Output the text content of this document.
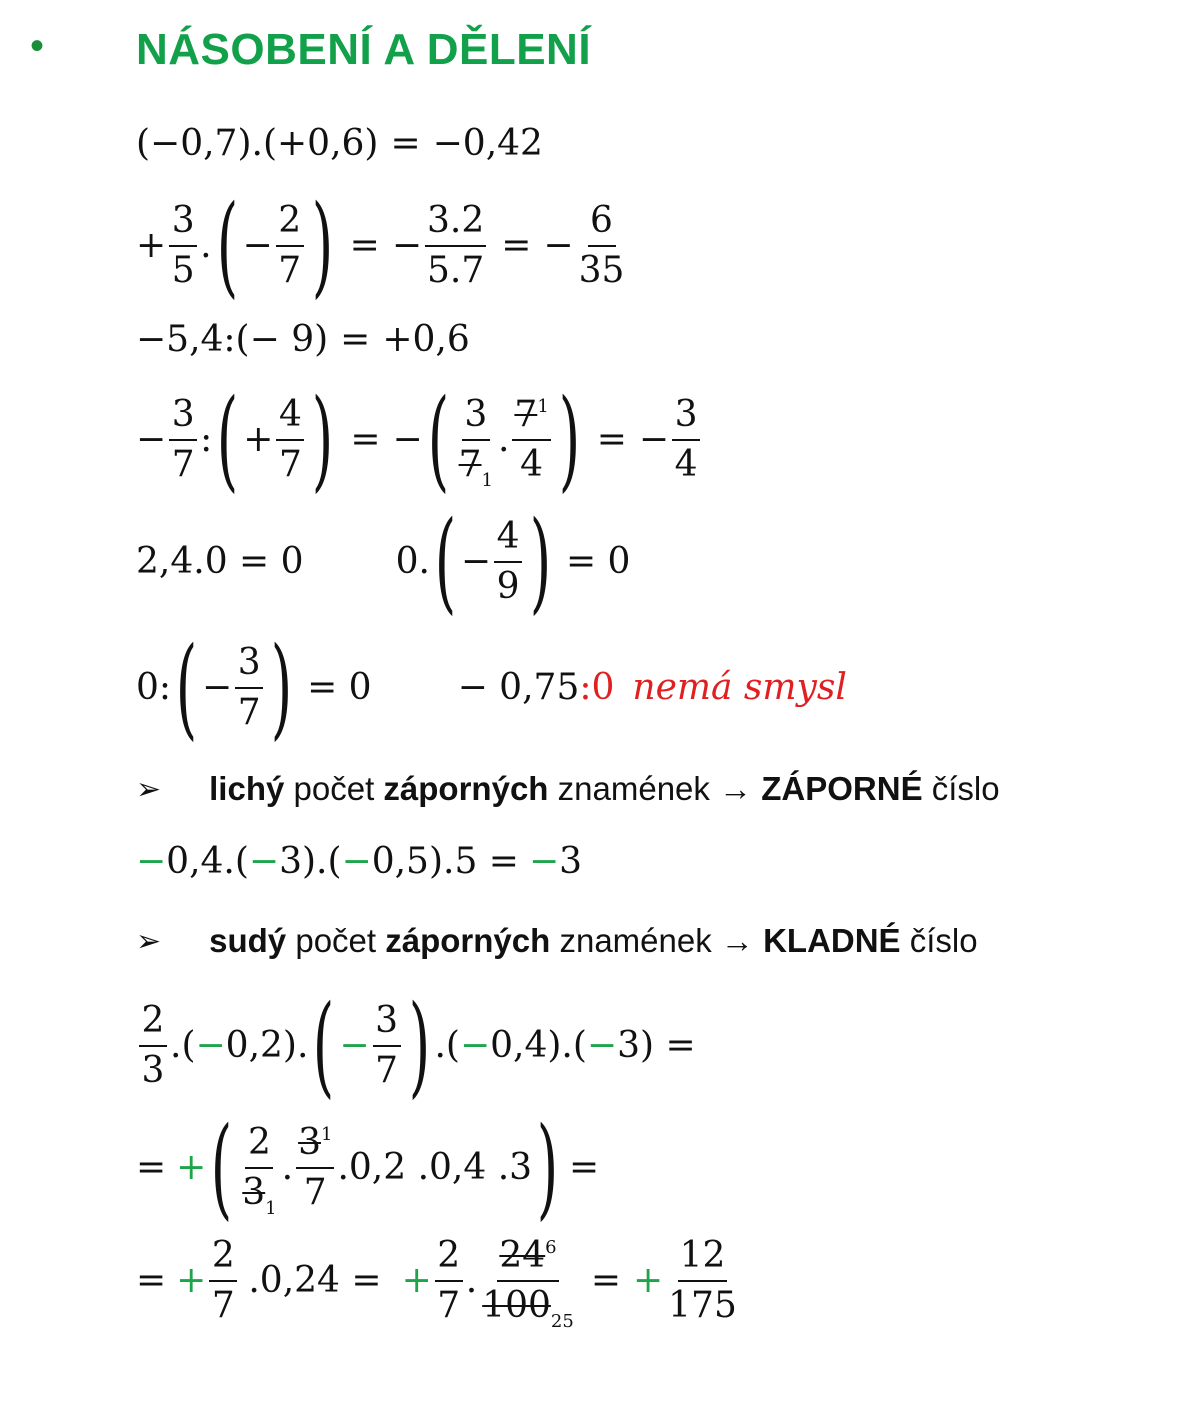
• NÁSOBENÍ A DĚLENÍ
(−0,7).(+0,6) = −0,42
+ $\frac{3}{5}$ . ( − $\frac{2}{7}$ ) = − $\frac{3.2}{5.7}$ = − $\frac{6}{35}$
−5,4:(− 9) = +0,6
− $\frac{3}{7}$ : ( + $\frac{4}{7}$ ) = − ( $\frac{3}{7_1}$ . $\frac{7^1}{4}$ ) = − $\frac{3}{4}$
2,4.0 = 0	0. ( − $\frac{4}{9}$ ) = 0
0: ( − $\frac{3}{7}$ ) = 0 − 0,75 : 0 nemá smysl
➢ lichý
počet
záporných
znamének
→
ZÁPORNÉ
číslo
− 0,4.( − 3).( − 0,5).5 = − 3
➢ sudý
počet
záporných
znamének
→
KLADNÉ
číslo
$\frac{2}{3}$ .( − 0,2). ( − $\frac{3}{7}$ ) .( − 0,4).( − 3) =
= + ( $\frac{2}{3_1}$ . $\frac{3^1}{7} .0,2$ .0,4 .3 ) =
= + $\frac{2}{7} .0,24$ = + $\frac{2}{7}$ . $\frac{24^6}{100_{25}}$ = + $\frac{12}{175}$
